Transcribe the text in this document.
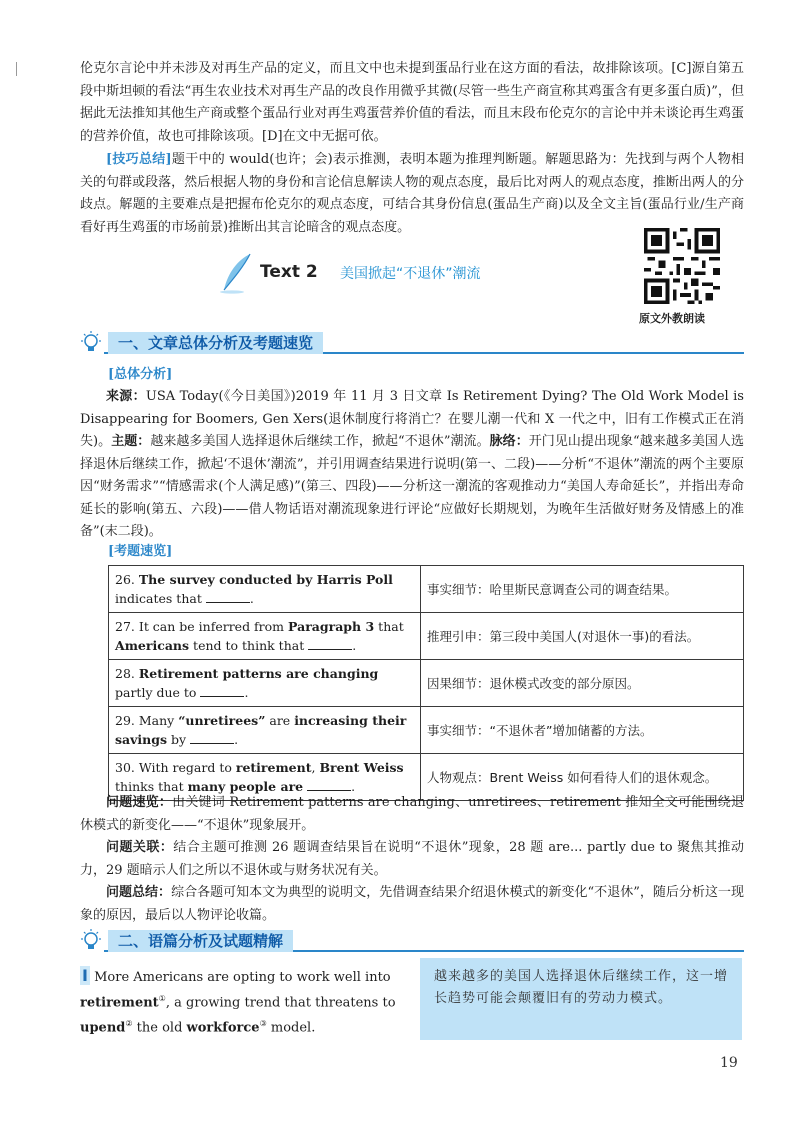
伦克尔言论中并未涉及对再生产品的定义，而且文中也未提到蛋品行业在这方面的看法，故排除该项。[C]源自第五段中斯坦顿的看法“再生农业技术对再生产品的改良作用微乎其微(尽管一些生产商宣称其鸡蛋含有更多蛋白质)”，但据此无法推知其他生产商或整个蛋品行业对再生鸡蛋营养价值的看法，而且末段布伦克尔的言论中并未谈论再生鸡蛋的营养价值，故也可排除该项。[D]在文中无据可依。

[技巧总结]题干中的 would(也许；会)表示推测，表明本题为推理判断题。解题思路为：先找到与两个人物相关的句群或段落，然后根据人物的身份和言论信息解读人物的观点态度，最后比对两人的观点态度，推断出两人的分歧点。解题的主要难点是把握布伦克尔的观点态度，可结合其身份信息(蛋品生产商)以及全文主旨(蛋品行业/生产商看好再生鸡蛋的市场前景)推断出其言论暗含的观点态度。

Text 2 美国掀起“不退休”潮流
原文外教朗读
一、文章总体分析及考题速览
[总体分析]

来源：USA Today(《今日美国》)2019 年 11 月 3 日文章 Is Retirement Dying? The Old Work Model is Disappearing for Boomers, Gen Xers(退休制度行将消亡？在婴儿潮一代和 X 一代之中，旧有工作模式正在消失)。主题：越来越多美国人选择退休后继续工作，掀起“不退休”潮流。脉络：开门见山提出现象“越来越多美国人选择退休后继续工作，掀起‘不退休’潮流”，并引用调查结果进行说明(第一、二段)——分析“不退休”潮流的两个主要原因“财务需求”“情感需求(个人满足感)”(第三、四段)——分析这一潮流的客观推动力“美国人寿命延长”，并指出寿命延长的影响(第五、六段)——借人物话语对潮流现象进行评论“应做好长期规划，为晚年生活做好财务及情感上的准备”(末二段)。

[考题速览]
26. The survey conducted by Harris Poll indicates that .	事实细节：哈里斯民意调查公司的调查结果。
27. It can be inferred from Paragraph 3 that Americans tend to think that .	推理引申：第三段中美国人(对退休一事)的看法。
28. Retirement patterns are changing partly due to .	因果细节：退休模式改变的部分原因。
29. Many “unretirees” are increasing their savings by .	事实细节：“不退休者”增加储蓄的方法。
30. With regard to retirement, Brent Weiss thinks that many people are .	人物观点：Brent Weiss 如何看待人们的退休观念。

问题速览：由关键词 Retirement patterns are changing、unretirees、retirement 推知全文可能围绕退休模式的新变化——“不退休”现象展开。

问题关联：结合主题可推测 26 题调查结果旨在说明“不退休”现象，28 题 are... partly due to 聚焦其推动力，29 题暗示人们之所以不退休或与财务状况有关。

问题总结：综合各题可知本文为典型的说明文，先借调查结果介绍退休模式的新变化“不退休”，随后分析这一现象的原因，最后以人物评论收篇。

二、语篇分析及试题精解
I More Americans are opting to work well into retirement①, a growing trend that threatens to upend② the old workforce③ model.
越来越多的美国人选择退休后继续工作，这一增长趋势可能会颠覆旧有的劳动力模式。
19
